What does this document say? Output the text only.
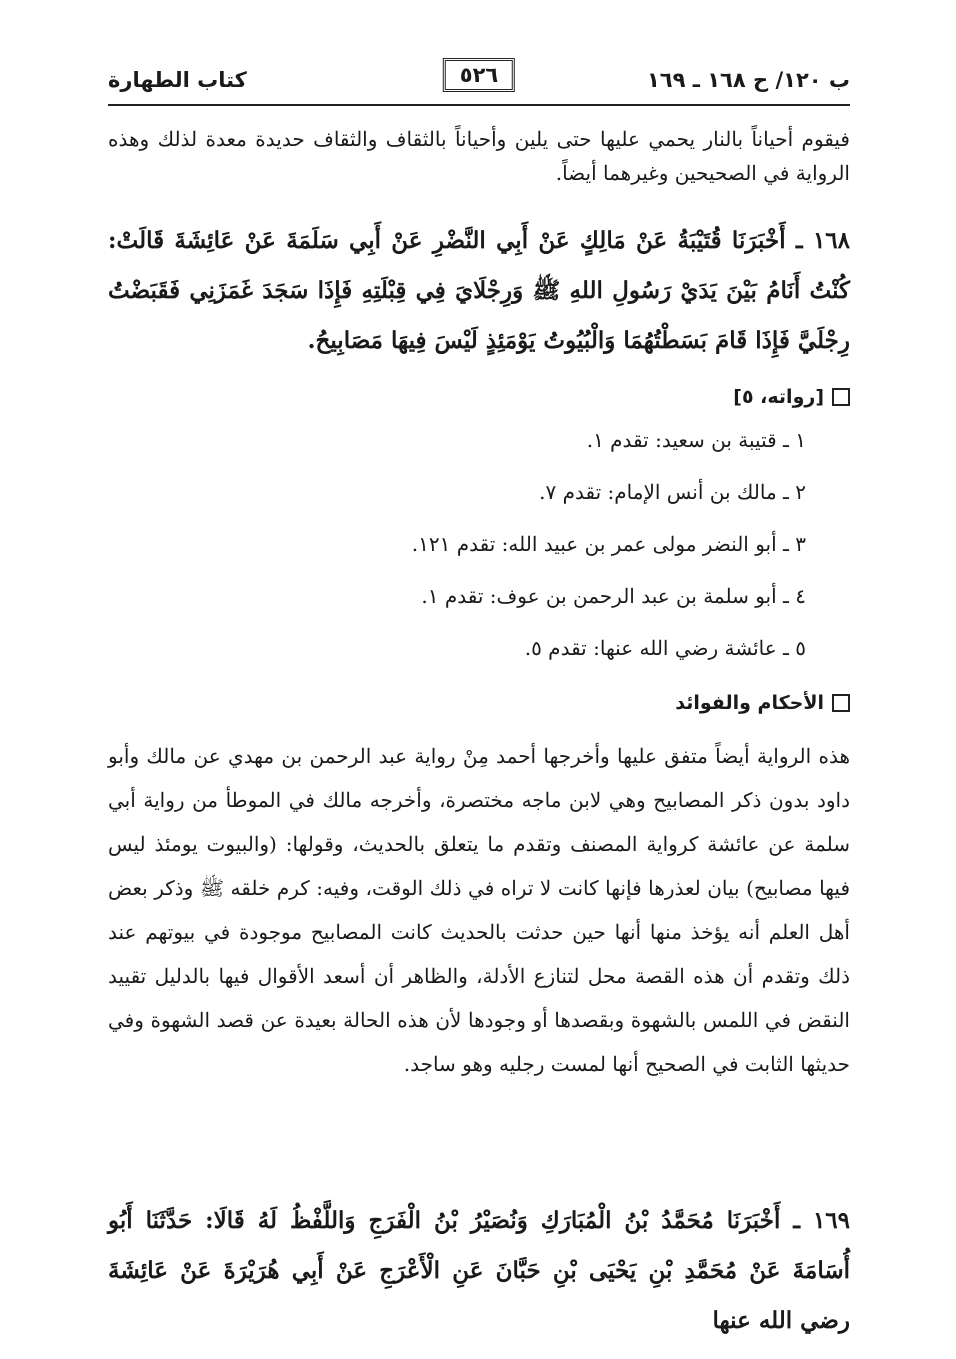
ب ١٢٠/ ح ١٦٨ ـ ١٦٩
٥٢٦
كتاب الطهارة
فيقوم أحياناً بالنار يحمي عليها حتى يلين وأحياناً بالثقاف والثقاف حديدة معدة لذلك وهذه الرواية في الصحيحين وغيرهما أيضاً.
١٦٨ ـ أَخْبَرَنَا قُتَيْبَةُ عَنْ مَالِكٍ عَنْ أَبِي النَّضْرِ عَنْ أَبِي سَلَمَةَ عَنْ عَائِشَةَ قَالَتْ: كُنْتُ أَنَامُ بَيْنَ يَدَيْ رَسُولِ اللهِ ﷺ وَرِجْلَايَ فِي قِبْلَتِهِ فَإِذَا سَجَدَ غَمَزَنِي فَقَبَضْتُ رِجْلَيَّ فَإِذَا قَامَ بَسَطْتُهُمَا وَالْبُيُوتُ يَوْمَئِذٍ لَيْسَ فِيهَا مَصَابِيحُ.
[رواته، ٥]
١ ـ قتيبة بن سعيد: تقدم ١.
٢ ـ مالك بن أنس الإمام: تقدم ٧.
٣ ـ أبو النضر مولى عمر بن عبيد الله: تقدم ١٢١.
٤ ـ أبو سلمة بن عبد الرحمن بن عوف: تقدم ١.
٥ ـ عائشة رضي الله عنها: تقدم ٥.
الأحكام والفوائد
هذه الرواية أيضاً متفق عليها وأخرجها أحمد مِنْ رواية عبد الرحمن بن مهدي عن مالك وأبو داود بدون ذكر المصابيح وهي لابن ماجه مختصرة، وأخرجه مالك في الموطأ من رواية أبي سلمة عن عائشة كرواية المصنف وتقدم ما يتعلق بالحديث، وقولها: (والبيوت يومئذ ليس فيها مصابيح) بيان لعذرها فإنها كانت لا تراه في ذلك الوقت، وفيه: كرم خلقه ﷺ وذكر بعض أهل العلم أنه يؤخذ منها أنها حين حدثت بالحديث كانت المصابيح موجودة في بيوتهم عند ذلك وتقدم أن هذه القصة محل لتنازع الأدلة، والظاهر أن أسعد الأقوال فيها بالدليل تقييد النقض في اللمس بالشهوة وبقصدها أو وجودها لأن هذه الحالة بعيدة عن قصد الشهوة وفي حديثها الثابت في الصحيح أنها لمست رجليه وهو ساجد.
١٦٩ ـ أَخْبَرَنَا مُحَمَّدُ بْنُ الْمُبَارَكِ وَنُصَيْرُ بْنُ الْفَرَجِ وَاللَّفْظُ لَهُ قَالَا: حَدَّثَنَا أَبُو أُسَامَةَ عَنْ مُحَمَّدِ بْنِ يَحْيَى بْنِ حَبَّانَ عَنِ الْأَعْرَجِ عَنْ أَبِي هُرَيْرَةَ عَنْ عَائِشَةَ رضي الله عنها
